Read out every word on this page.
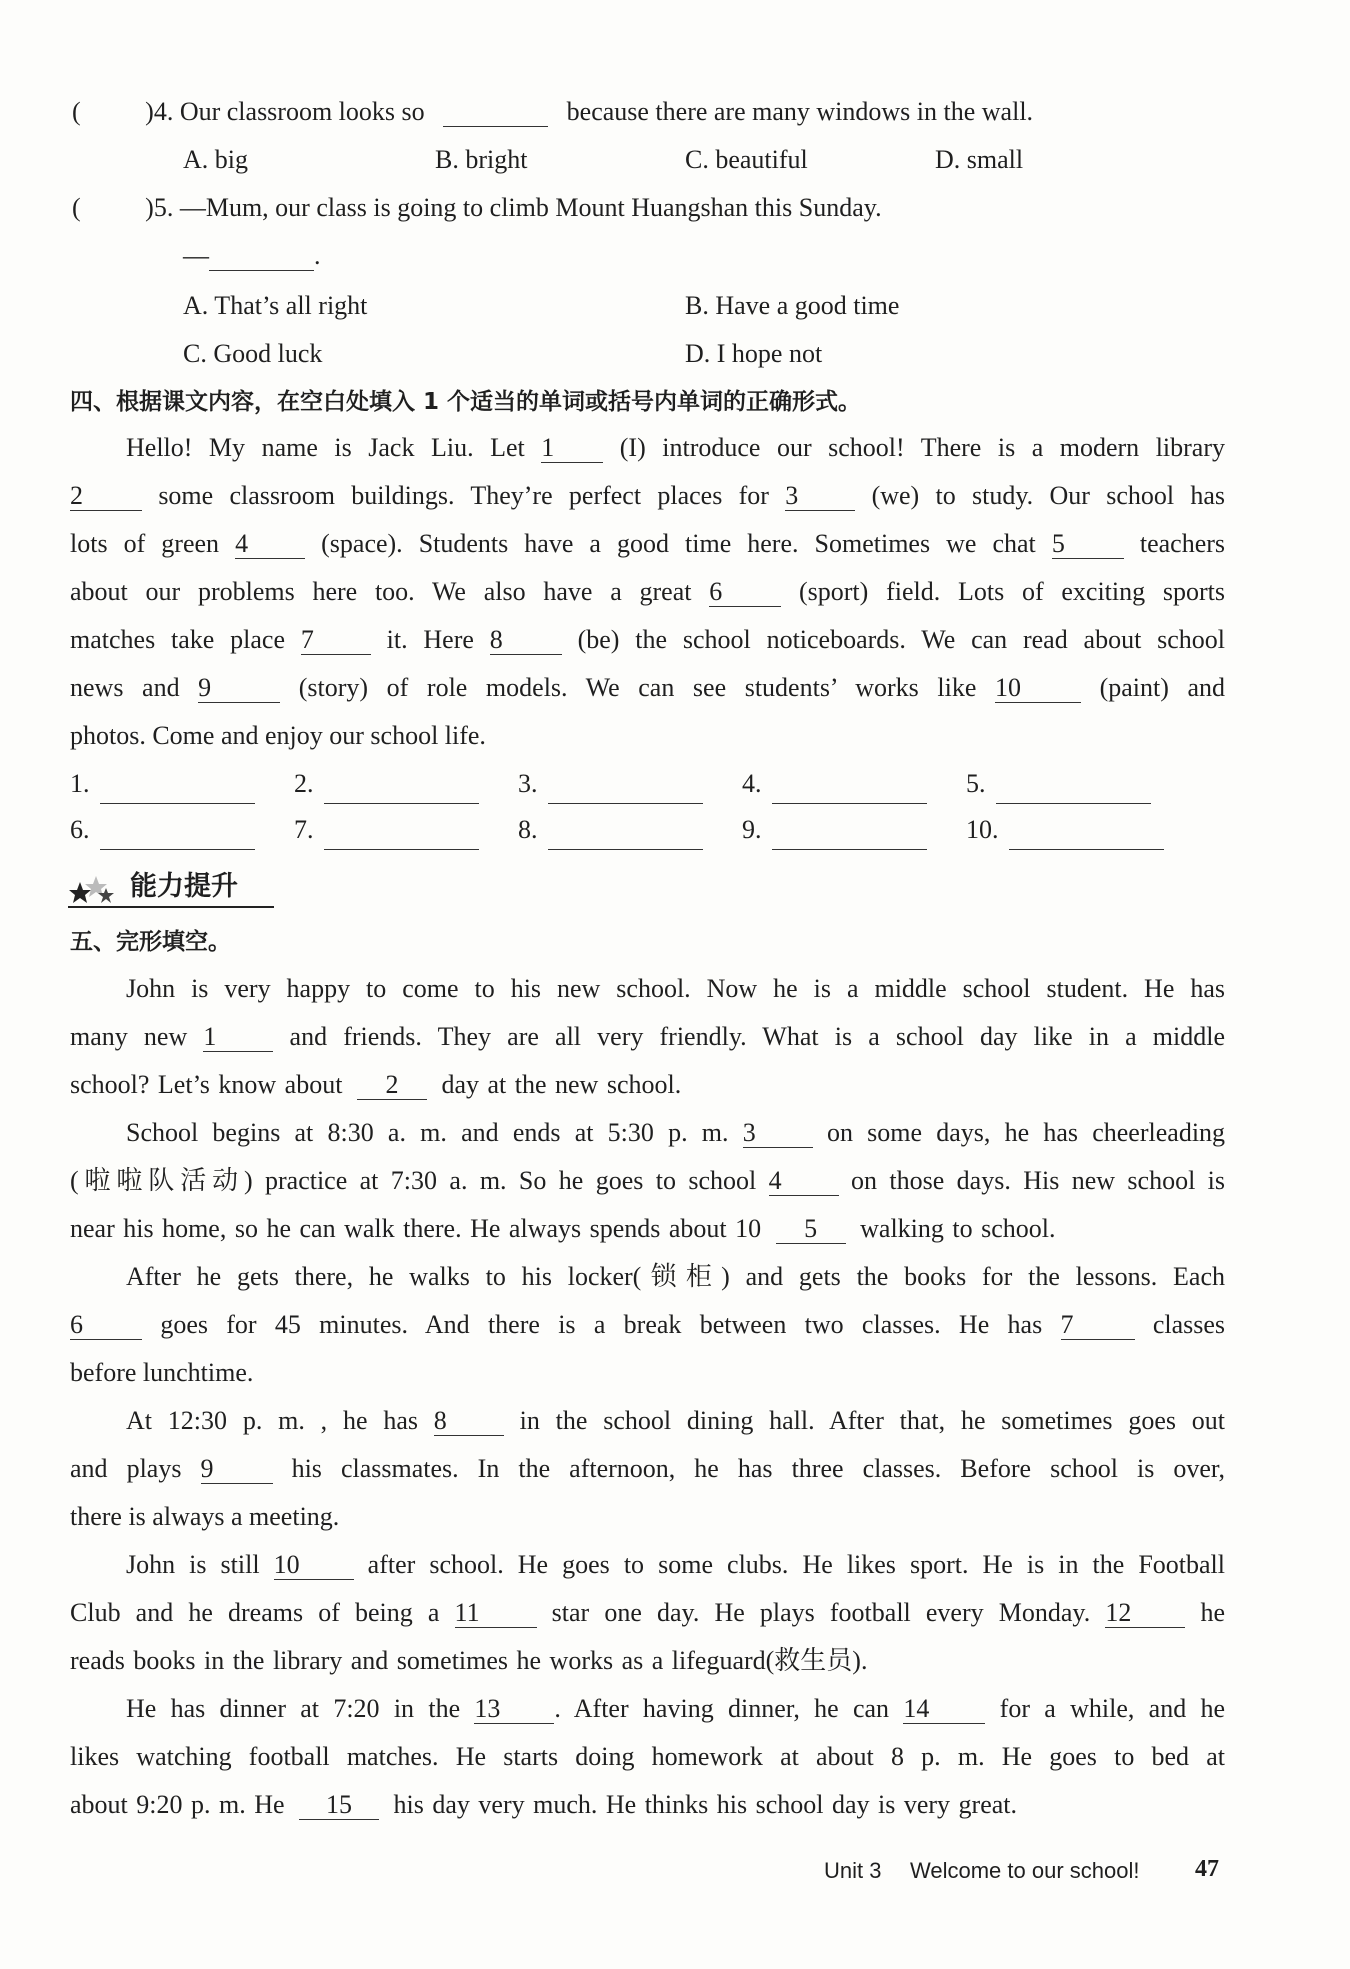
( )4. Our classroom looks so	because there are many windows in the wall.
A. big	B. bright	C. beautiful	D. small
( )5. —Mum, our class is going to climb Mount Huangshan this Sunday.
—	.
A. That’s all right	B. Have a good time
C. Good luck	D. I hope not
四、根据课文内容，在空白处填入 1 个适当的单词或括号内单词的正确形式。
Hello! My name is Jack Liu. Let 1	(I) introduce our school! There is a modern library
2	some classroom buildings. They’re perfect places for 3	(we) to study. Our school has
lots of green 4	(space). Students have a good time here. Sometimes we chat 5	teachers
about our problems here too. We also have a great 6	(sport) field. Lots of exciting sports
matches take place 7	it. Here 8	(be) the school noticeboards. We can read about school
news and 9	(story) of role models. We can see students’ works like 10	(paint) and
photos. Come and enjoy our school life.
1.	2.	3.	4.	5.
6.	7.	8.	9.	10.
能力提升
五、完形填空。
John is very happy to come to his new school. Now he is a middle school student. He has
many new 1	and friends. They are all very friendly. What is a school day like in a middle
school? Let’s know about 2 day at the new school.
School begins at 8:30 a. m. and ends at 5:30 p. m. 3	on some days, he has cheerleading
(啦啦队活动) practice at 7:30 a. m. So he goes to school 4	on those days. His new school is
near his home, so he can walk there. He always spends about 10 5 walking to school.
After he gets there, he walks to his locker(锁柜) and gets the books for the lessons. Each
6	goes for 45 minutes. And there is a break between two classes. He has 7	classes
before lunchtime.
At 12:30 p. m. , he has 8	in the school dining hall. After that, he sometimes goes out
and plays 9	his classmates. In the afternoon, he has three classes. Before school is over,
there is always a meeting.
John is still 10	after school. He goes to some clubs. He likes sport. He is in the Football
Club and he dreams of being a 11	star one day. He plays football every Monday. 12	he
reads books in the library and sometimes he works as a lifeguard(救生员).
He has dinner at 7:20 in the 13 . After having dinner, he can 14	for a while, and he
likes watching football matches. He starts doing homework at about 8 p. m. He goes to bed at
about 9:20 p. m. He 15 his day very much. He thinks his school day is very great.
Unit 3 Welcome to our school! 47
